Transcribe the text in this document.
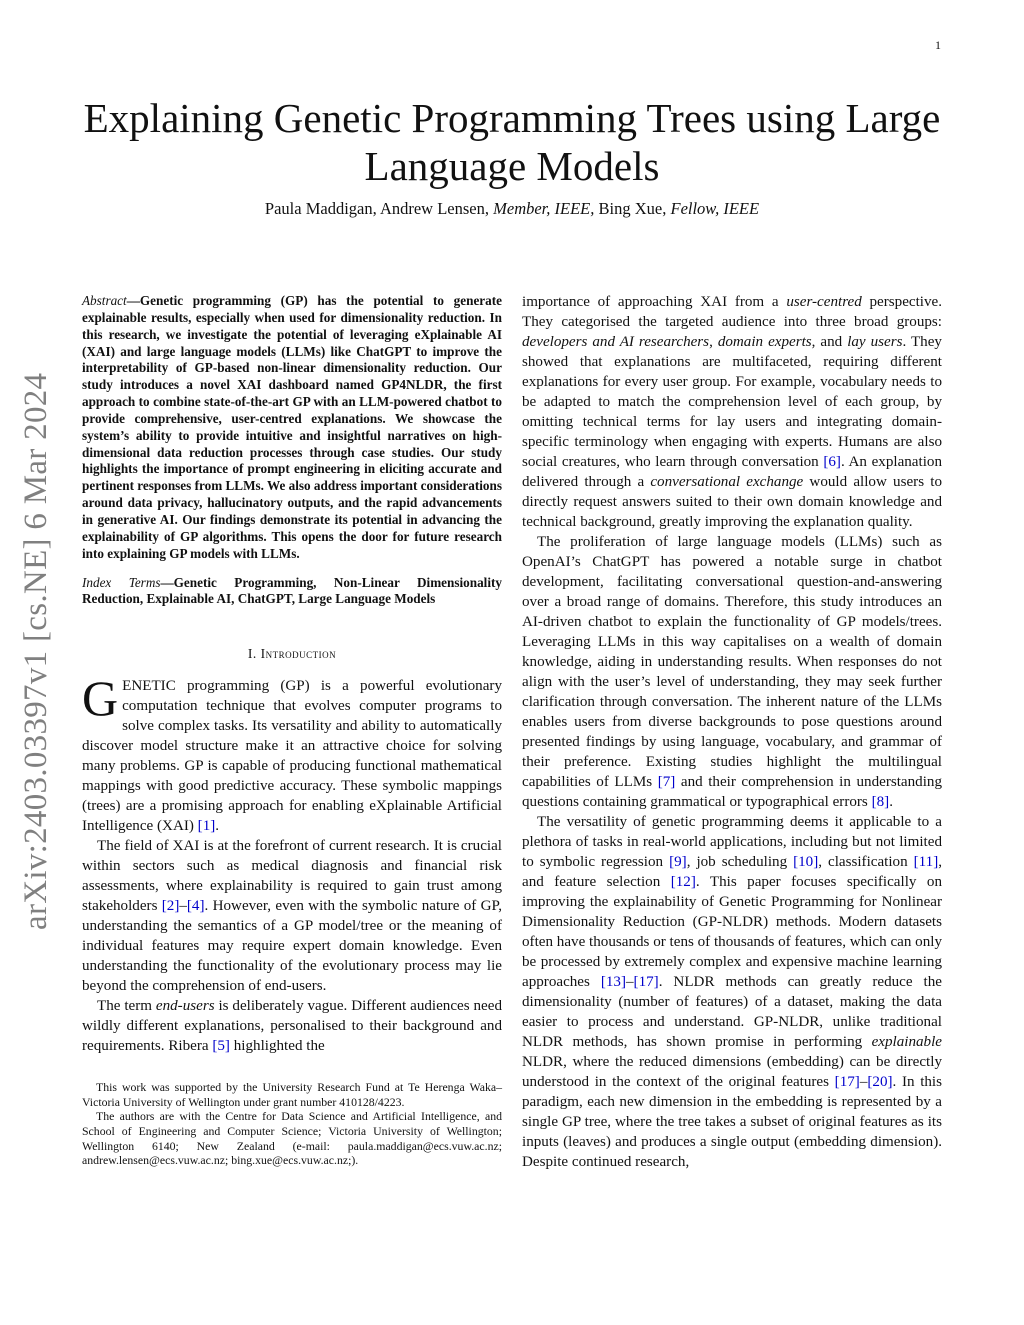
1
arXiv:2403.03397v1 [cs.NE] 6 Mar 2024
Explaining Genetic Programming Trees using Large Language Models
Paula Maddigan, Andrew Lensen, Member, IEEE, Bing Xue, Fellow, IEEE

Abstract—Genetic programming (GP) has the potential to generate explainable results, especially when used for dimensionality reduction. In this research, we investigate the potential of leveraging eXplainable AI (XAI) and large language models (LLMs) like ChatGPT to improve the interpretability of GP-based non-linear dimensionality reduction. Our study introduces a novel XAI dashboard named GP4NLDR, the first approach to combine state-of-the-art GP with an LLM-powered chatbot to provide comprehensive, user-centred explanations. We showcase the system’s ability to provide intuitive and insightful narratives on high-dimensional data reduction processes through case studies. Our study highlights the importance of prompt engineering in eliciting accurate and pertinent responses from LLMs. We also address important considerations around data privacy, hallucinatory outputs, and the rapid advancements in generative AI. Our findings demonstrate its potential in advancing the explainability of GP algorithms. This opens the door for future research into explaining GP models with LLMs.

Index Terms—Genetic Programming, Non-Linear Dimensionality Reduction, Explainable AI, ChatGPT, Large Language Models

I. Introduction

GENETIC programming (GP) is a powerful evolutionary computation technique that evolves computer programs to solve complex tasks. Its versatility and ability to automatically discover model structure make it an attractive choice for solving many problems. GP is capable of producing functional mathematical mappings with good predictive accuracy. These symbolic mappings (trees) are a promising approach for enabling eXplainable Artificial Intelligence (XAI) [1].

The field of XAI is at the forefront of current research. It is crucial within sectors such as medical diagnosis and financial risk assessments, where explainability is required to gain trust among stakeholders [2]–[4]. However, even with the symbolic nature of GP, understanding the semantics of a GP model/tree or the meaning of individual features may require expert domain knowledge. Even understanding the functionality of the evolutionary process may lie beyond the comprehension of end-users.

The term end-users is deliberately vague. Different audiences need wildly different explanations, personalised to their background and requirements. Ribera [5] highlighted the

This work was supported by the University Research Fund at Te Herenga Waka–Victoria University of Wellington under grant number 410128/4223.

The authors are with the Centre for Data Science and Artificial Intelligence, and School of Engineering and Computer Science; Victoria University of Wellington; Wellington 6140; New Zealand (e-mail: paula.maddigan@ecs.vuw.ac.nz; andrew.lensen@ecs.vuw.ac.nz; bing.xue@ecs.vuw.ac.nz;).

importance of approaching XAI from a user-centred perspective. They categorised the targeted audience into three broad groups: developers and AI researchers, domain experts, and lay users. They showed that explanations are multifaceted, requiring different explanations for every user group. For example, vocabulary needs to be adapted to match the comprehension level of each group, by omitting technical terms for lay users and integrating domain-specific terminology when engaging with experts. Humans are also social creatures, who learn through conversation [6]. An explanation delivered through a conversational exchange would allow users to directly request answers suited to their own domain knowledge and technical background, greatly improving the explanation quality.

The proliferation of large language models (LLMs) such as OpenAI’s ChatGPT has powered a notable surge in chatbot development, facilitating conversational question-and-answering over a broad range of domains. Therefore, this study introduces an AI-driven chatbot to explain the functionality of GP models/trees. Leveraging LLMs in this way capitalises on a wealth of domain knowledge, aiding in understanding results. When responses do not align with the user’s level of understanding, they may seek further clarification through conversation. The inherent nature of the LLMs enables users from diverse backgrounds to pose questions around presented findings by using language, vocabulary, and grammar of their preference. Existing studies highlight the multilingual capabilities of LLMs [7] and their comprehension in understanding questions containing grammatical or typographical errors [8].

The versatility of genetic programming deems it applicable to a plethora of tasks in real-world applications, including but not limited to symbolic regression [9], job scheduling [10], classification [11], and feature selection [12]. This paper focuses specifically on improving the explainability of Genetic Programming for Nonlinear Dimensionality Reduction (GP-NLDR) methods. Modern datasets often have thousands or tens of thousands of features, which can only be processed by extremely complex and expensive machine learning approaches [13]–[17]. NLDR methods can greatly reduce the dimensionality (number of features) of a dataset, making the data easier to process and understand. GP-NLDR, unlike traditional NLDR methods, has shown promise in performing explainable NLDR, where the reduced dimensions (embedding) can be directly understood in the context of the original features [17]–[20]. In this paradigm, each new dimension in the embedding is represented by a single GP tree, where the tree takes a subset of original features as its inputs (leaves) and produces a single output (embedding dimension). Despite continued research,
